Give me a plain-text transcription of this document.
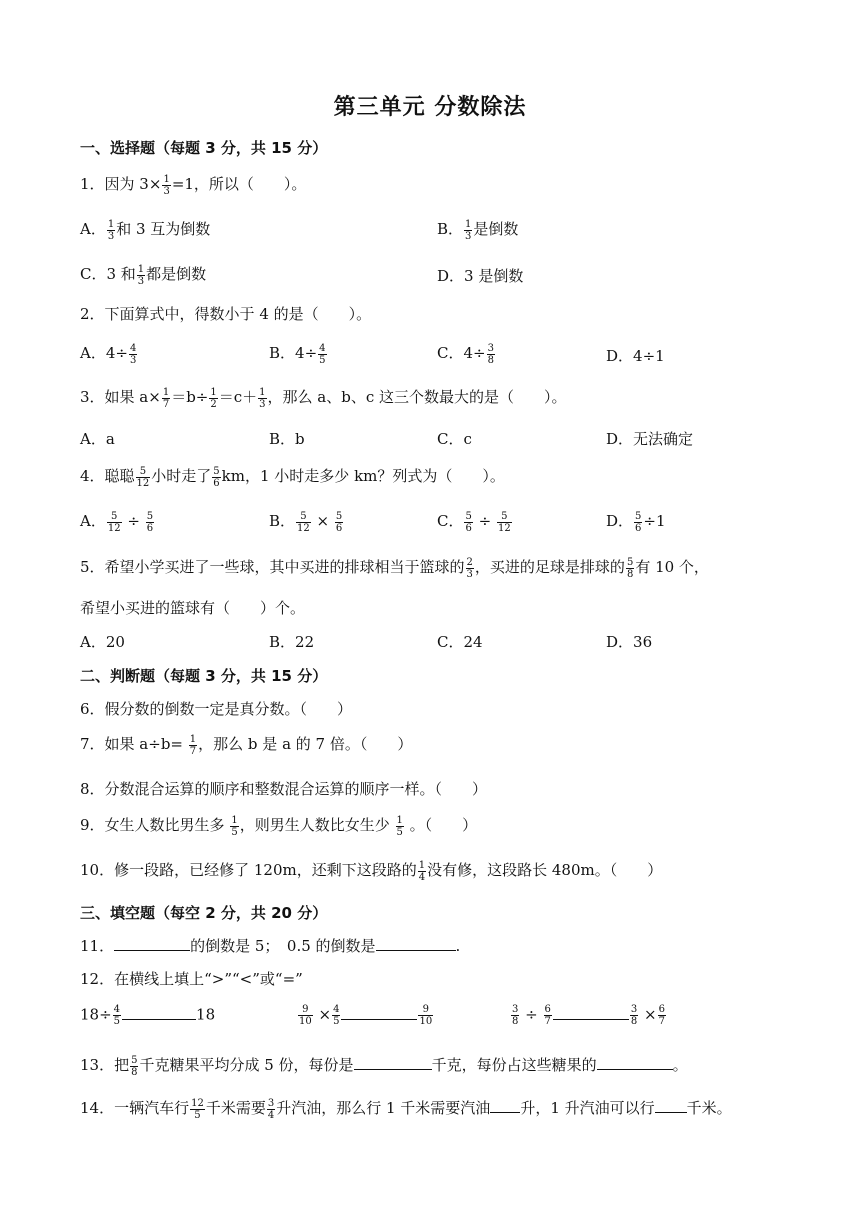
第三单元 分数除法
一、选择题（每题 3 分，共 15 分）
1．因为 $3\times \frac{1}{3} =1$，所以（　　）。
A． $\frac{1}{3}$ 和 3 互为倒数	B． $\frac{1}{3}$ 是倒数
C．3 和 $\frac{1}{3}$ 都是倒数	D．3 是倒数
2．下面算式中，得数小于 4 的是（　　）。
A．$4\div \frac{4}{3}$	B．$4\div \frac{4}{5}$	C．$4\div \frac{3}{8}$	D．4÷1
3．如果 $a\times \frac{1}{7} =b\div \frac{1}{2} =c+ \frac{1}{3}$ ，那么 a、b、c 这三个数最大的是（　　）。
A．a	B．b	C．c	D．无法确定
4．聪聪 $\frac{5}{12}$ 小时走了 $\frac{5}{6}$ km，1 小时走多少 km？列式为（　　）。
A． $\frac{5}{12} \div \frac{5}{6}$	B． $\frac{5}{12} \times \frac{5}{6}$	C． $\frac{5}{6} \div \frac{5}{12}$	D． $\frac{5}{6} \div 1$
5．希望小学买进了一些球，其中买进的排球相当于篮球的 $\frac{2}{3}$ ，买进的足球是排球的 $\frac{5}{8}$ 有 10 个，
希望小买进的篮球有（　　）个。
A．20	B．22	C．24	D．36
二、判断题（每题 3 分，共 15 分）
6．假分数的倒数一定是真分数。（　　）
7．如果 $a\div b= \frac{1}{7}$ ，那么 b 是 a 的 7 倍。（　　）
8．分数混合运算的顺序和整数混合运算的顺序一样。（　　）
9．女生人数比男生多 $\frac{1}{5}$ ，则男生人数比女生少 $\frac{1}{5}$ 。（　　）
10．修一段路，已经修了 120m，还剩下这段路的 $\frac{1}{4}$ 没有修，这段路长 480m。（　　）
三、填空题（每空 2 分，共 20 分）
11．	的倒数是 5；　0.5 的倒数是	.
12．在横线上填上“>”“<”或“=”
$18\div \frac{4}{5}$	18	$\frac{9}{10} \times \frac{4}{5}$	$\frac{9}{10}$	$\frac{3}{8} \div \frac{6}{7}$	$\frac{3}{8} \times \frac{6}{7}$
13．把 $\frac{5}{8}$ 千克糖果平均分成 5 份，每份是	千克，每份占这些糖果的	。
14．一辆汽车行 $\frac{12}{5}$ 千米需要 $\frac{3}{4}$ 升汽油，那么行 1 千米需要汽油 升，1 升汽油可以行 千米。
